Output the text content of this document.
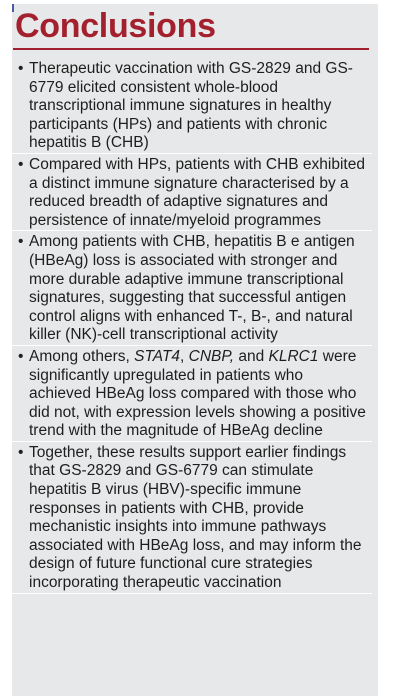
Conclusions
• Therapeutic vaccination with GS-2829 and GS-6779 elicited consistent whole-blood transcriptional immune signatures in healthy participants (HPs) and patients with chronic hepatitis B (CHB)

• Compared with HPs, patients with CHB exhibited a distinct immune signature characterised by a reduced breadth of adaptive signatures and persistence of innate/myeloid programmes

• Among patients with CHB, hepatitis B e antigen (HBeAg) loss is associated with stronger and more durable adaptive immune transcriptional signatures, suggesting that successful antigen control aligns with enhanced T-, B-, and natural killer (NK)-cell transcriptional activity

• Among others, STAT4, CNBP, and KLRC1 were significantly upregulated in patients who achieved HBeAg loss compared with those who did not, with expression levels showing a positive trend with the magnitude of HBeAg decline

• Together, these results support earlier findings that GS-2829 and GS-6779 can stimulate hepatitis B virus (HBV)-specific immune responses in patients with CHB, provide mechanistic insights into immune pathways associated with HBeAg loss, and may inform the design of future functional cure strategies incorporating therapeutic vaccination
